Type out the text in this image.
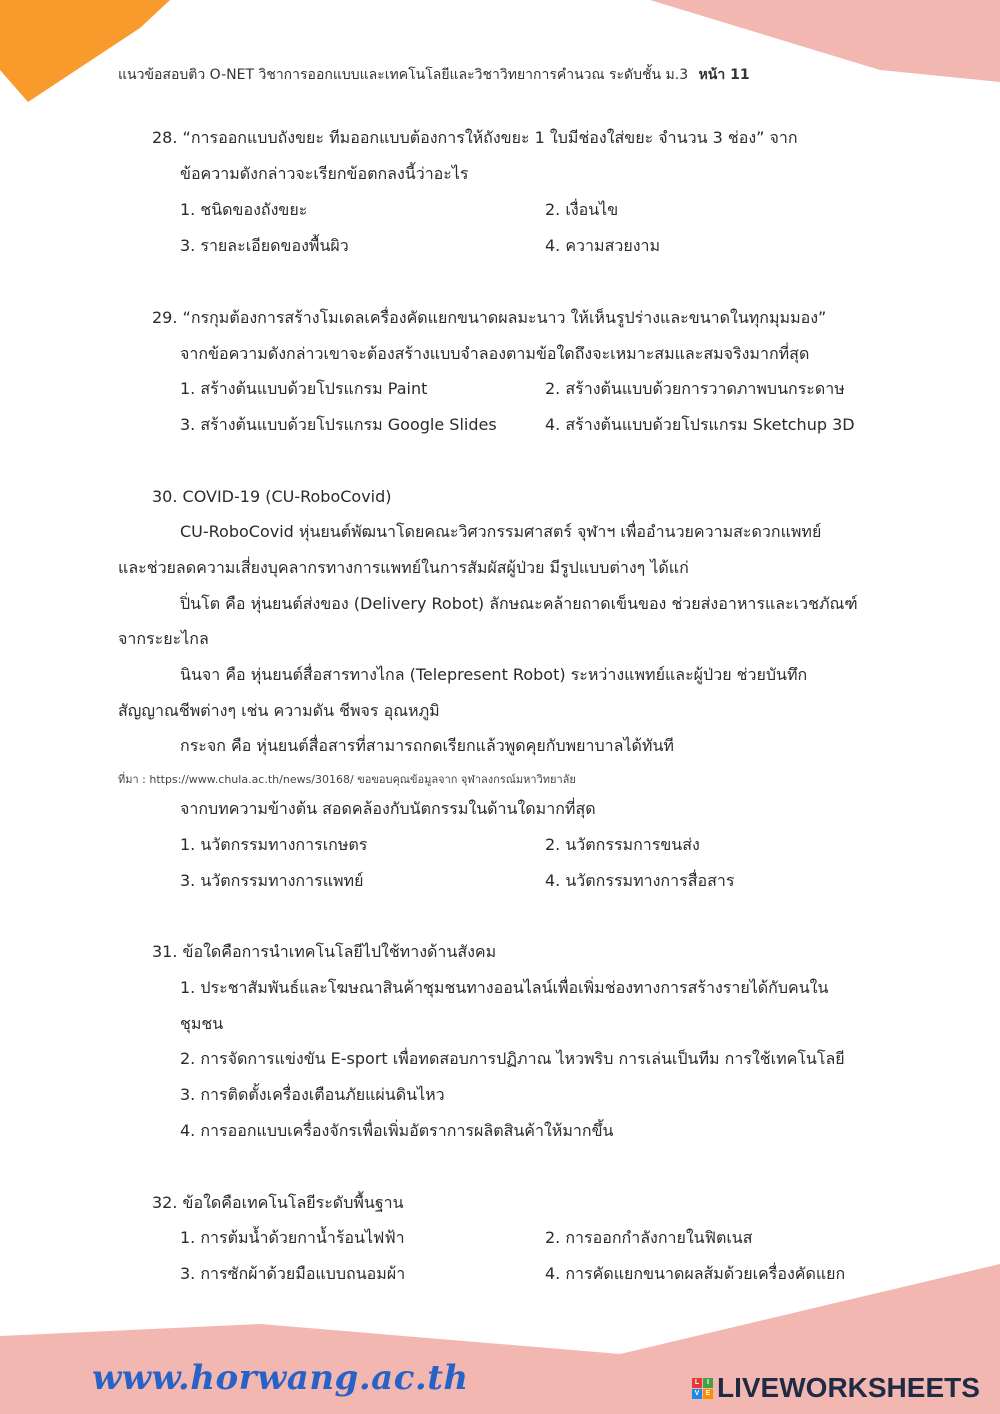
แนวข้อสอบติว O-NET วิชาการออกแบบและเทคโนโลยีและวิชาวิทยาการคำนวณ ระดับชั้น ม.3 หน้า 11
28. “การออกแบบถังขยะ ทีมออกแบบต้องการให้ถังขยะ 1 ใบมีช่องใส่ขยะ จำนวน 3 ช่อง” จาก
ข้อความดังกล่าวจะเรียกข้อตกลงนี้ว่าอะไร
1. ชนิดของถังขยะ	2. เงื่อนไข
3. รายละเอียดของพื้นผิว	4. ความสวยงาม
29. “กรกุมต้องการสร้างโมเดลเครื่องคัดแยกขนาดผลมะนาว ให้เห็นรูปร่างและขนาดในทุกมุมมอง”
จากข้อความดังกล่าวเขาจะต้องสร้างแบบจำลองตามข้อใดถึงจะเหมาะสมและสมจริงมากที่สุด
1. สร้างต้นแบบด้วยโปรแกรม Paint	2. สร้างต้นแบบด้วยการวาดภาพบนกระดาษ
3. สร้างต้นแบบด้วยโปรแกรม Google Slides	4. สร้างต้นแบบด้วยโปรแกรม Sketchup 3D
30. COVID-19 (CU-RoboCovid)
CU-RoboCovid หุ่นยนต์พัฒนาโดยคณะวิศวกรรมศาสตร์ จุฬาฯ เพื่ออำนวยความสะดวกแพทย์
และช่วยลดความเสี่ยงบุคลากรทางการแพทย์ในการสัมผัสผู้ป่วย มีรูปแบบต่างๆ ได้แก่
ปิ่นโต คือ หุ่นยนต์ส่งของ (Delivery Robot) ลักษณะคล้ายถาดเข็นของ ช่วยส่งอาหารและเวชภัณฑ์
จากระยะไกล
นินจา คือ หุ่นยนต์สื่อสารทางไกล (Telepresent Robot) ระหว่างแพทย์และผู้ป่วย ช่วยบันทึก
สัญญาณชีพต่างๆ เช่น ความดัน ชีพจร อุณหภูมิ
กระจก คือ หุ่นยนต์สื่อสารที่สามารถกดเรียกแล้วพูดคุยกับพยาบาลได้ทันที
ที่มา : https://www.chula.ac.th/news/30168/ ขอขอบคุณข้อมูลจาก จุฬาลงกรณ์มหาวิทยาลัย
จากบทความข้างต้น สอดคล้องกับนัตกรรมในด้านใดมากที่สุด
1. นวัตกรรมทางการเกษตร	2. นวัตกรรมการขนส่ง
3. นวัตกรรมทางการแพทย์	4. นวัตกรรมทางการสื่อสาร
31. ข้อใดคือการนำเทคโนโลยีไปใช้ทางด้านสังคม
1. ประชาสัมพันธ์และโฆษณาสินค้าชุมชนทางออนไลน์เพื่อเพิ่มช่องทางการสร้างรายได้กับคนใน
ชุมชน
2. การจัดการแข่งขัน E-sport เพื่อทดสอบการปฏิภาณ ไหวพริบ การเล่นเป็นทีม การใช้เทคโนโลยี
3. การติดตั้งเครื่องเตือนภัยแผ่นดินไหว
4. การออกแบบเครื่องจักรเพื่อเพิ่มอัตราการผลิตสินค้าให้มากขึ้น
32. ข้อใดคือเทคโนโลยีระดับพื้นฐาน
1. การต้มน้ำด้วยกาน้ำร้อนไฟฟ้า	2. การออกกำลังกายในฟิตเนส
3. การซักผ้าด้วยมือแบบถนอมผ้า	4. การคัดแยกขนาดผลส้มด้วยเครื่องคัดแยก
www.horwang.ac.th	L	I
V E LIVEWORKSHEETS
